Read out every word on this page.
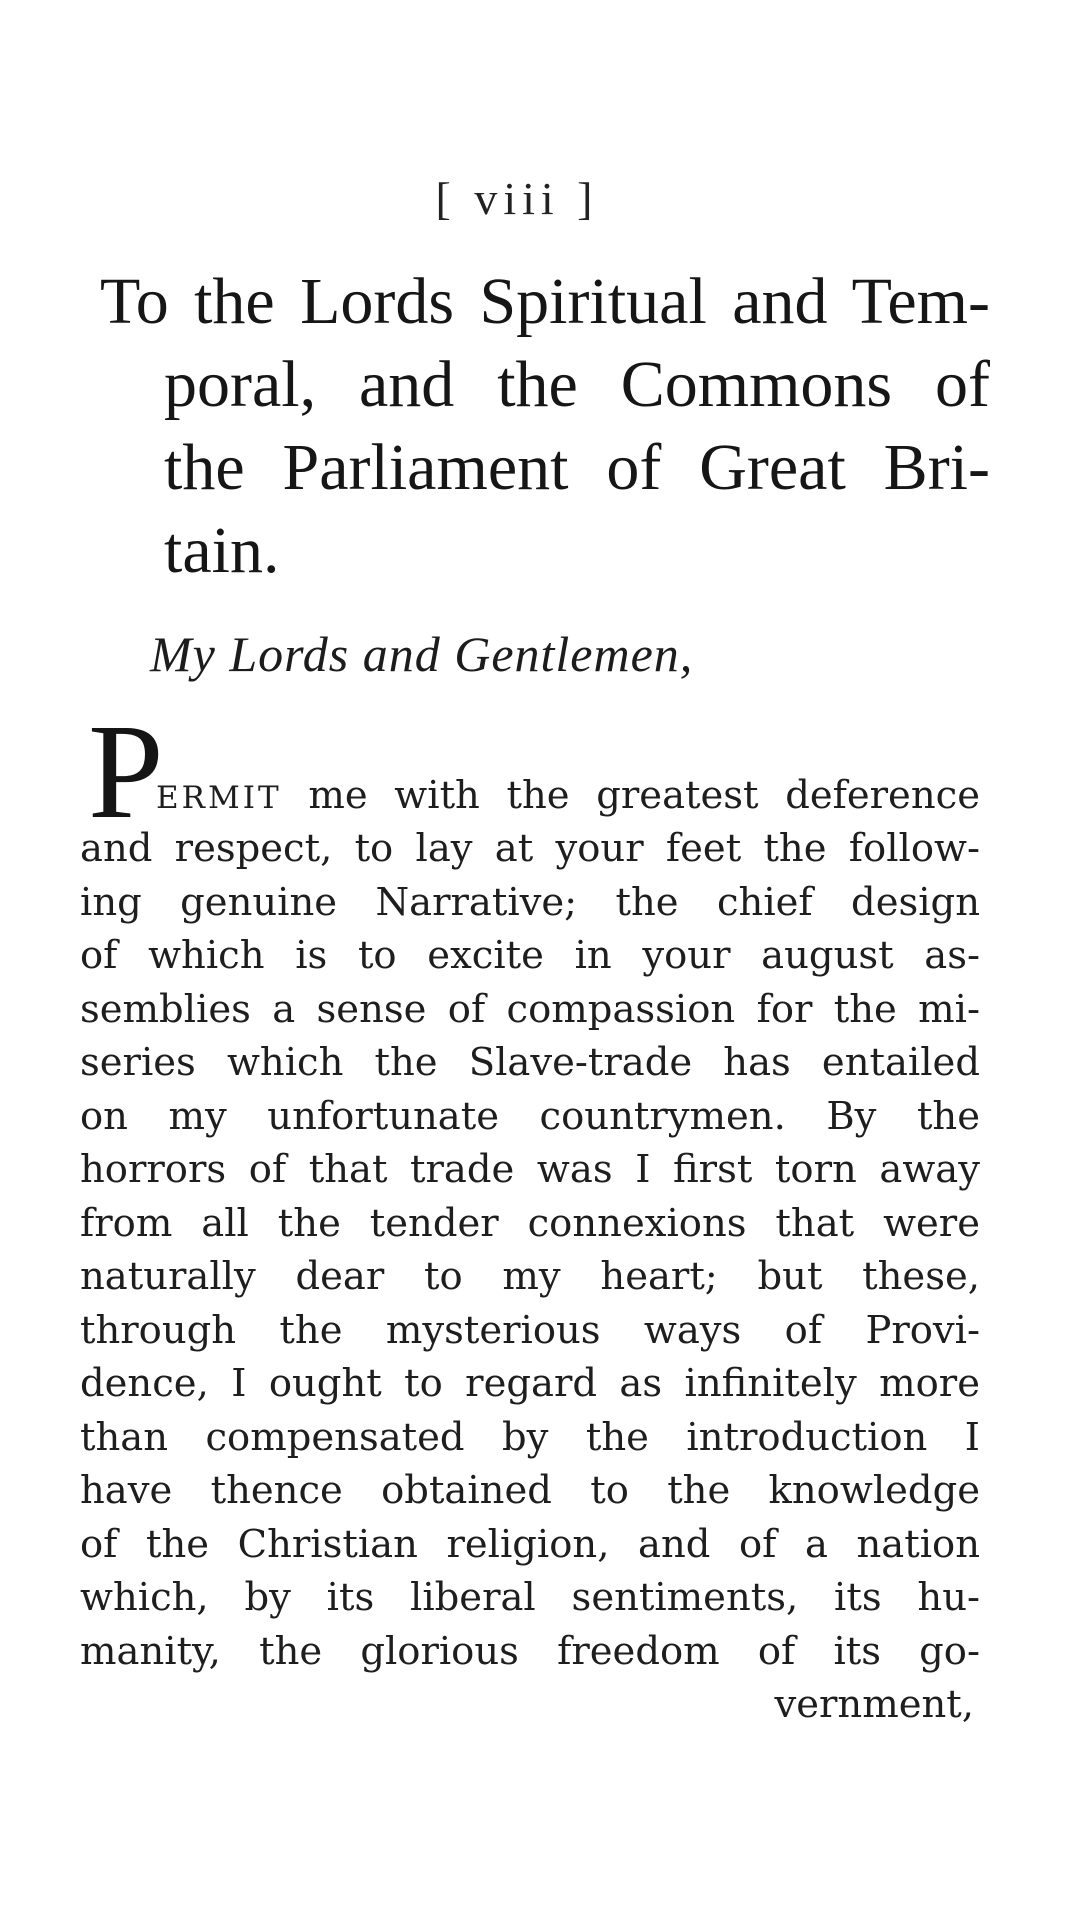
[ viii ]
To the Lords Spiritual and Tem-
poral, and the Commons of
the Parliament of Great Bri-
tain.
My Lords and Gentlemen,
P
ERMIT me with the greatest deference
and respect, to lay at your feet the follow-
ing genuine Narrative; the chief design
of which is to excite in your august as-
semblies a sense of compassion for the mi-
series which the Slave-trade has entailed
on my unfortunate countrymen. By the
horrors of that trade was I first torn away
from all the tender connexions that were
naturally dear to my heart; but these,
through the mysterious ways of Provi-
dence, I ought to regard as infinitely more
than compensated by the introduction I
have thence obtained to the knowledge
of the Christian religion, and of a nation
which, by its liberal sentiments, its hu-
manity, the glorious freedom of its go-
vernment,
